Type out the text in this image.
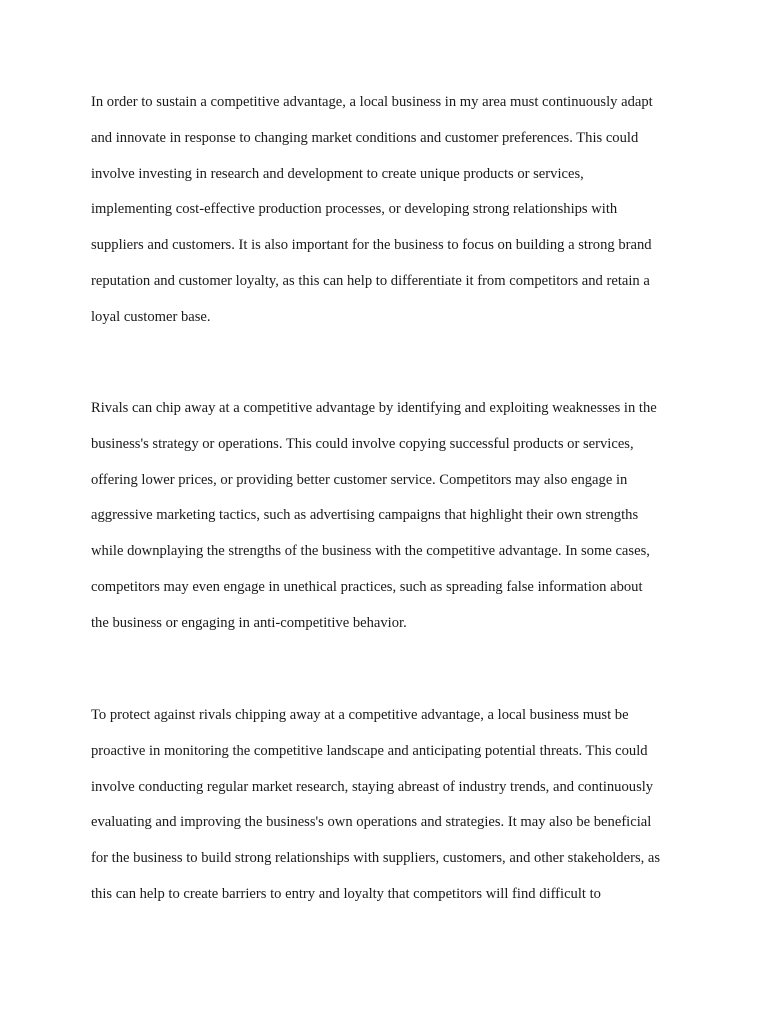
In order to sustain a competitive advantage, a local business in my area must continuously adapt
and innovate in response to changing market conditions and customer preferences. This could
involve investing in research and development to create unique products or services,
implementing cost-effective production processes, or developing strong relationships with
suppliers and customers. It is also important for the business to focus on building a strong brand
reputation and customer loyalty, as this can help to differentiate it from competitors and retain a
loyal customer base.

Rivals can chip away at a competitive advantage by identifying and exploiting weaknesses in the
business's strategy or operations. This could involve copying successful products or services,
offering lower prices, or providing better customer service. Competitors may also engage in
aggressive marketing tactics, such as advertising campaigns that highlight their own strengths
while downplaying the strengths of the business with the competitive advantage. In some cases,
competitors may even engage in unethical practices, such as spreading false information about
the business or engaging in anti-competitive behavior.

To protect against rivals chipping away at a competitive advantage, a local business must be
proactive in monitoring the competitive landscape and anticipating potential threats. This could
involve conducting regular market research, staying abreast of industry trends, and continuously
evaluating and improving the business's own operations and strategies. It may also be beneficial
for the business to build strong relationships with suppliers, customers, and other stakeholders, as
this can help to create barriers to entry and loyalty that competitors will find difficult to
